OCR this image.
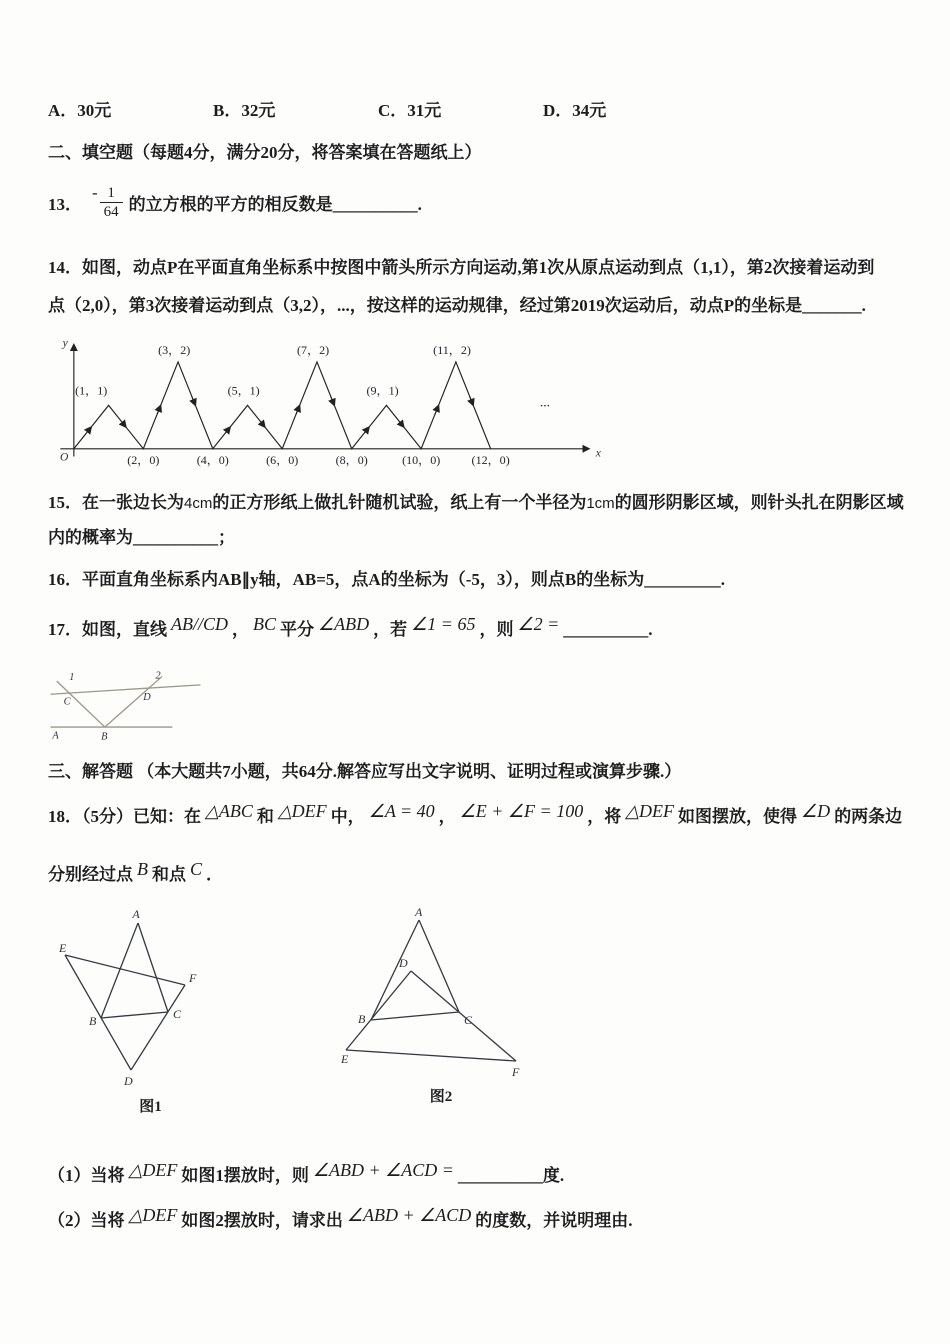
A．30元	B．32元	C．31元	D．34元
二、填空题（每题4分，满分20分，将答案填在答题纸上）
13．
- $\frac{1}{64}$ 的立方根的平方的相反数是__________.
14．如图，动点P在平面直角坐标系中按图中箭头所示方向运动,第1次从原点运动到点（1,1），第2次接着运动到
点（2,0），第3次接着运动到点（3,2），...，按这样的运动规律，经过第2019次运动后，动点P的坐标是_______.
y
x
O
(1，1)
(3，2)
(5，1)
(7，2)
(9，1)
(11，2)
(2，0)	(4，0)	(6，0)	(8，0)	(10，0)	(12，0)
...
15．在一张边长为4cm的正方形纸上做扎针随机试验，纸上有一个半径为1cm的圆形阴影区域，则针头扎在阴影区域
内的概率为__________；
16．平面直角坐标系内AB∥y轴，AB=5，点A的坐标为（-5，3），则点B的坐标为_________.
17．如图，直线 AB//CD ， BC 平分 ∠ABD ，若 ∠1 = 65 ，则 ∠2 = __________.
1	2
C	D
A	B
三、解答题 （本大题共7小题，共64分.解答应写出文字说明、证明过程或演算步骤.）
18．（5分）已知：在 △ABC 和 △DEF 中， ∠A = 40 ， ∠E + ∠F = 100 ，将 △DEF 如图摆放，使得 ∠D 的两条边
分别经过点 B 和点 C ．
A
E
F
B	C
D
图1
A
D
B	C
E
F
图2
（1）当将 △DEF 如图1摆放时，则 ∠ABD + ∠ACD = __________度.
（2）当将 △DEF 如图2摆放时，请求出 ∠ABD + ∠ACD 的度数，并说明理由.
